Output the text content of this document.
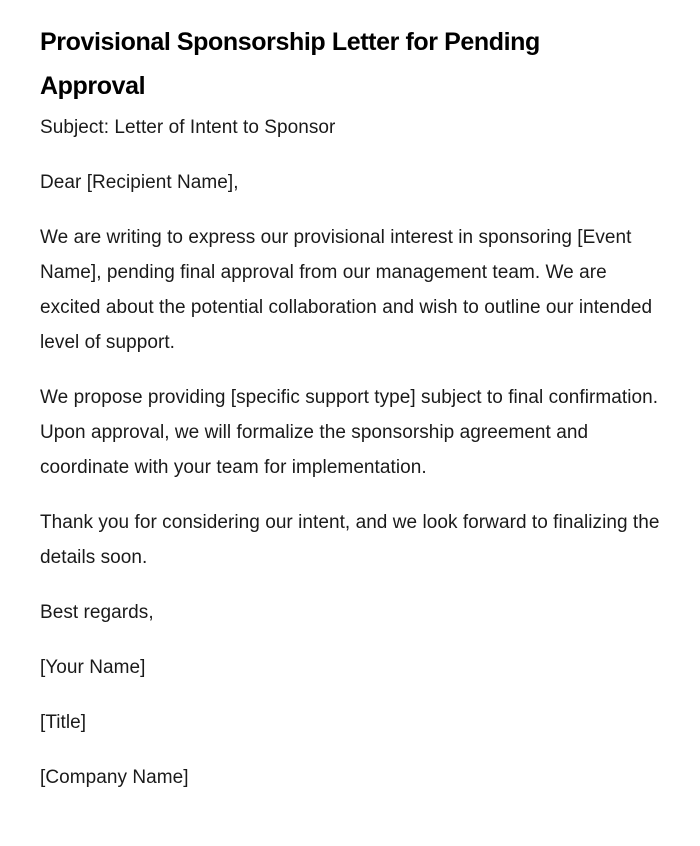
Provisional Sponsorship Letter for Pending Approval

Subject: Letter of Intent to Sponsor

Dear [Recipient Name],

We are writing to express our provisional interest in sponsoring [Event Name], pending final approval from our management team. We are excited about the potential collaboration and wish to outline our intended level of support.

We propose providing [specific support type] subject to final confirmation. Upon approval, we will formalize the sponsorship agreement and coordinate with your team for implementation.

Thank you for considering our intent, and we look forward to finalizing the details soon.

Best regards,

[Your Name]

[Title]

[Company Name]
